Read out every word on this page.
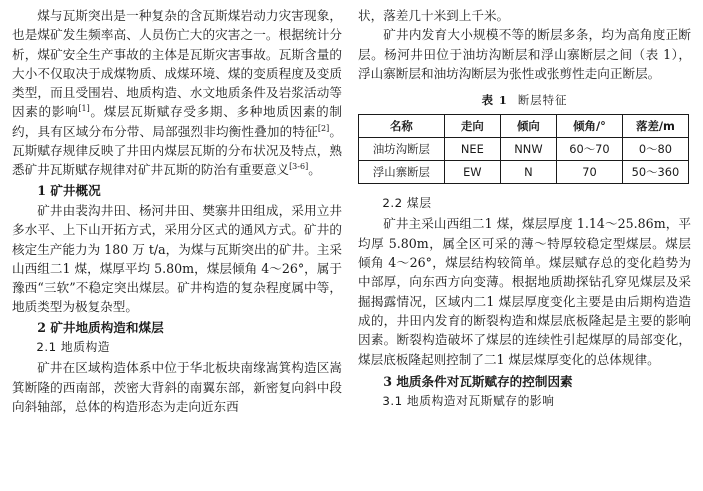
煤与瓦斯突出是一种复杂的含瓦斯煤岩动力灾害现象，也是煤矿发生频率高、人员伤亡大的灾害之一。根据统计分析，煤矿安全生产事故的主体是瓦斯灾害事故。瓦斯含量的大小不仅取决于成煤物质、成煤环境、煤的变质程度及变质类型，而且受围岩、地质构造、水文地质条件及岩浆活动等因素的影响[1]。煤层瓦斯赋存受多期、多种地质因素的制约，具有区域分布分带、局部强烈非均衡性叠加的特征[2]。瓦斯赋存规律反映了井田内煤层瓦斯的分布状况及特点，熟悉矿井瓦斯赋存规律对矿井瓦斯的防治有重要意义[3-6]。

1 矿井概况

矿井由裴沟井田、杨河井田、樊寨井田组成，采用立井多水平、上下山开拓方式，采用分区式的通风方式。矿井的核定生产能力为 180 万 t/a，为煤与瓦斯突出的矿井。主采山西组二1 煤，煤厚平均 5.80m，煤层倾角 4～26°，属于豫西“三软”不稳定突出煤层。矿井构造的复杂程度属中等，地质类型为极复杂型。

2 矿井地质构造和煤层
2.1 地质构造

矿井在区域构造体系中位于华北板块南缘嵩箕构造区嵩箕断隆的西南部，茨密大背斜的南翼东部，新密复向斜中段向斜轴部，总体的构造形态为走向近东西

状，落差几十米到上千米。

矿井内发育大小规模不等的断层多条，均为高角度正断层。杨河井田位于油坊沟断层和浮山寨断层之间（表 1），浮山寨断层和油坊沟断层为张性或张剪性走向正断层。

表 1 断层特征
名称	走向	倾向	倾角/°	落差/m
油坊沟断层	NEE	NNW	60～70	0～80
浮山寨断层	EW	N	70	50～360
2.2 煤层

矿井主采山西组二1 煤，煤层厚度 1.14～25.86m，平均厚 5.80m，属全区可采的薄～特厚较稳定型煤层。煤层倾角 4～26°，煤层结构较简单。煤层赋存总的变化趋势为中部厚，向东西方向变薄。根据地质勘探钻孔穿见煤层及采掘揭露情况，区域内二1 煤层厚度变化主要是由后期构造造成的，井田内发育的断裂构造和煤层底板隆起是主要的影响因素。断裂构造破坏了煤层的连续性引起煤厚的局部变化，煤层底板隆起则控制了二1 煤层煤厚变化的总体规律。

3 地质条件对瓦斯赋存的控制因素
3.1 地质构造对瓦斯赋存的影响
